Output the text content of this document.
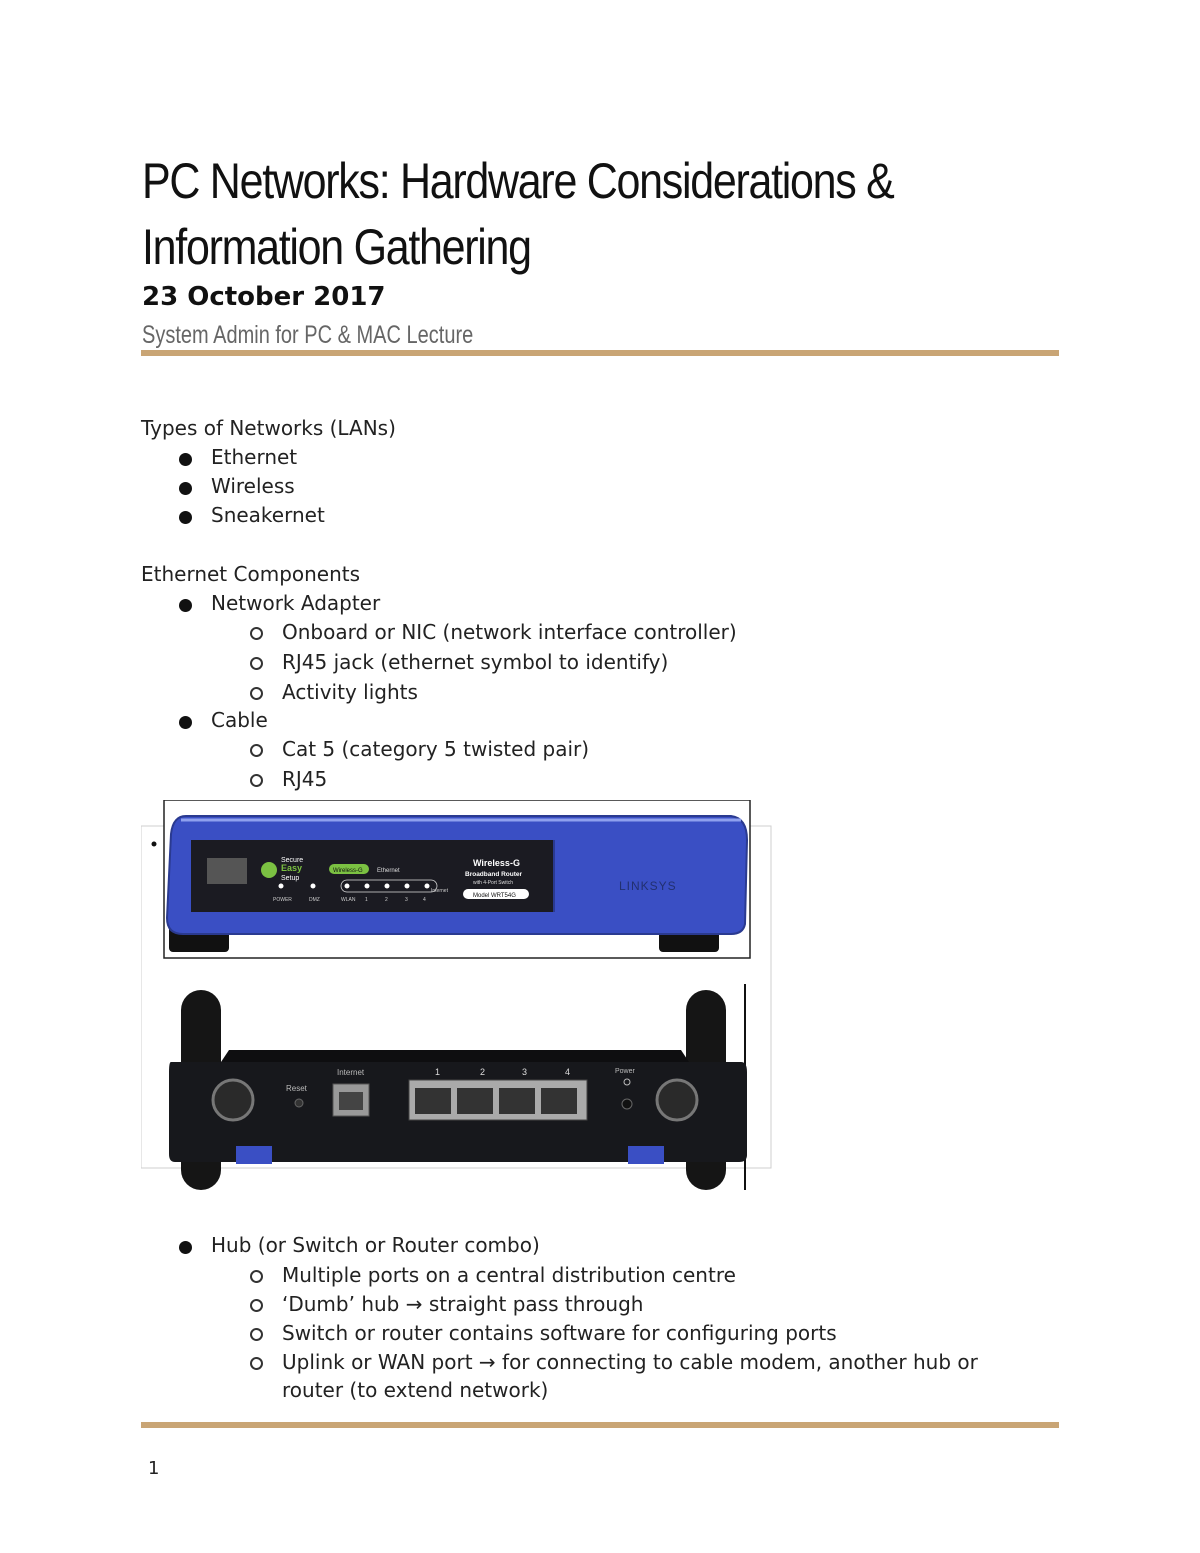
PC Networks: Hardware Considerations &
Information Gathering
23 October 2017
System Admin for PC & MAC Lecture
Types of Networks (LANs)
Ethernet
Wireless
Sneakernet
Ethernet Components
Network Adapter
Onboard or NIC (network interface controller)
RJ45 jack (ethernet symbol to identify)
Activity lights
Cable
Cat 5 (category 5 twisted pair)
RJ45
Secure
Easy
Setup
Wireless-G Ethernet
POWER	DMZ	WLAN 1	2	3	4
Internet
Wireless-G
Broadband Router
with 4-Port Switch
Model WRT54G
LINKSYS
Reset
Internet	1	2	3	4	Power
Hub (or Switch or Router combo)
Multiple ports on a central distribution centre
‘Dumb’ hub → straight pass through
Switch or router contains software for configuring ports
Uplink or WAN port → for connecting to cable modem, another hub or
router (to extend network)
1
